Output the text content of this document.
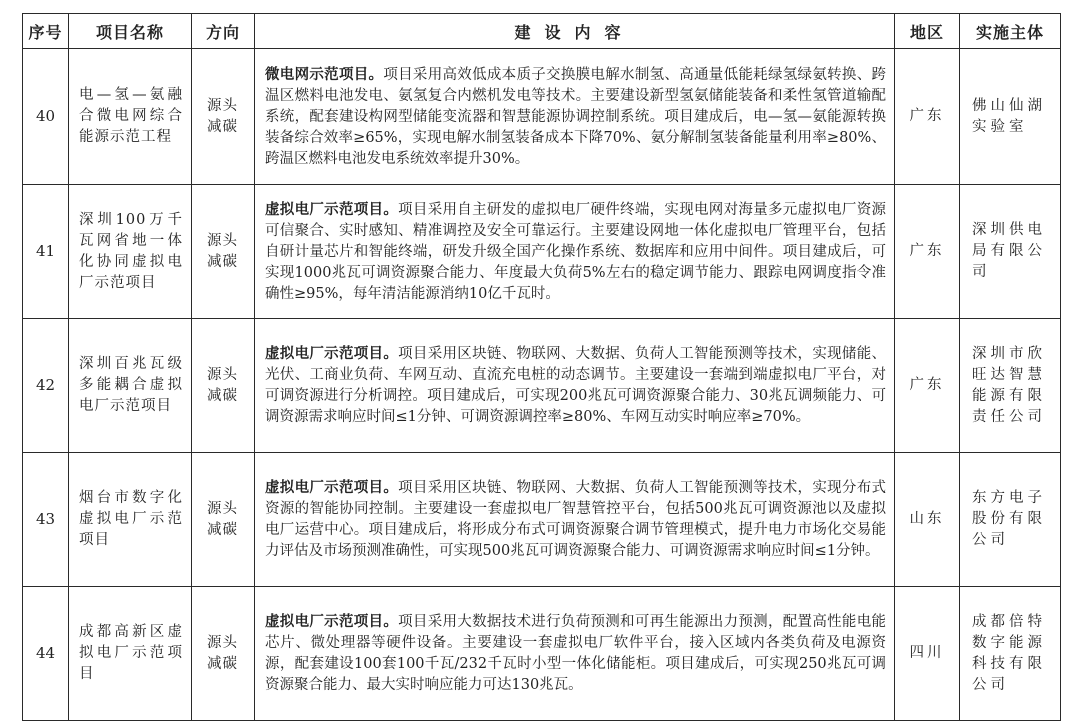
序号	项目名称	方向	建设内容	地区	实施主体
40	电—氢—氨融合微电网综合能源示范工程	源头减碳	微电网示范项目。项目采用高效低成本质子交换膜电解水制氢、高通量低能耗绿氢绿氨转换、跨温区燃料电池发电、氨氢复合内燃机发电等技术。主要建设新型氢氨储能装备和柔性氢管道输配系统，配套建设构网型储能变流器和智慧能源协调控制系统。项目建成后，电—氢—氨能源转换装备综合效率≥65%，实现电解水制氢装备成本下降70%、氨分解制氢装备能量利用率≥80%、跨温区燃料电池发电系统效率提升30%。	广东	佛山仙湖实验室
41	深圳100万千瓦网省地一体化协同虚拟电厂示范项目	源头减碳	虚拟电厂示范项目。项目采用自主研发的虚拟电厂硬件终端，实现电网对海量多元虚拟电厂资源可信聚合、实时感知、精准调控及安全可靠运行。主要建设网地一体化虚拟电厂管理平台，包括自研计量芯片和智能终端，研发升级全国产化操作系统、数据库和应用中间件。项目建成后，可实现1000兆瓦可调资源聚合能力、年度最大负荷5%左右的稳定调节能力、跟踪电网调度指令准确性≥95%，每年清洁能源消纳10亿千瓦时。	广东	深圳供电局有限公司
42	深圳百兆瓦级多能耦合虚拟电厂示范项目	源头减碳	虚拟电厂示范项目。项目采用区块链、物联网、大数据、负荷人工智能预测等技术，实现储能、光伏、工商业负荷、车网互动、直流充电桩的动态调节。主要建设一套端到端虚拟电厂平台，对可调资源进行分析调控。项目建成后，可实现200兆瓦可调资源聚合能力、30兆瓦调频能力、可调资源需求响应时间≤1分钟、可调资源调控率≥80%、车网互动实时响应率≥70%。	广东	深圳市欣旺达智慧能源有限责任公司
43	烟台市数字化虚拟电厂示范项目	源头减碳	虚拟电厂示范项目。项目采用区块链、物联网、大数据、负荷人工智能预测等技术，实现分布式资源的智能协同控制。主要建设一套虚拟电厂智慧管控平台，包括500兆瓦可调资源池以及虚拟电厂运营中心。项目建成后，将形成分布式可调资源聚合调节管理模式，提升电力市场化交易能力评估及市场预测准确性，可实现500兆瓦可调资源聚合能力、可调资源需求响应时间≤1分钟。	山东	东方电子股份有限公司
44	成都高新区虚拟电厂示范项目	源头减碳	虚拟电厂示范项目。项目采用大数据技术进行负荷预测和可再生能源出力预测，配置高性能电能芯片、微处理器等硬件设备。主要建设一套虚拟电厂软件平台，接入区域内各类负荷及电源资源，配套建设100套100千瓦/232千瓦时小型一体化储能柜。项目建成后，可实现250兆瓦可调资源聚合能力、最大实时响应能力可达130兆瓦。	四川	成都倍特数字能源科技有限公司
